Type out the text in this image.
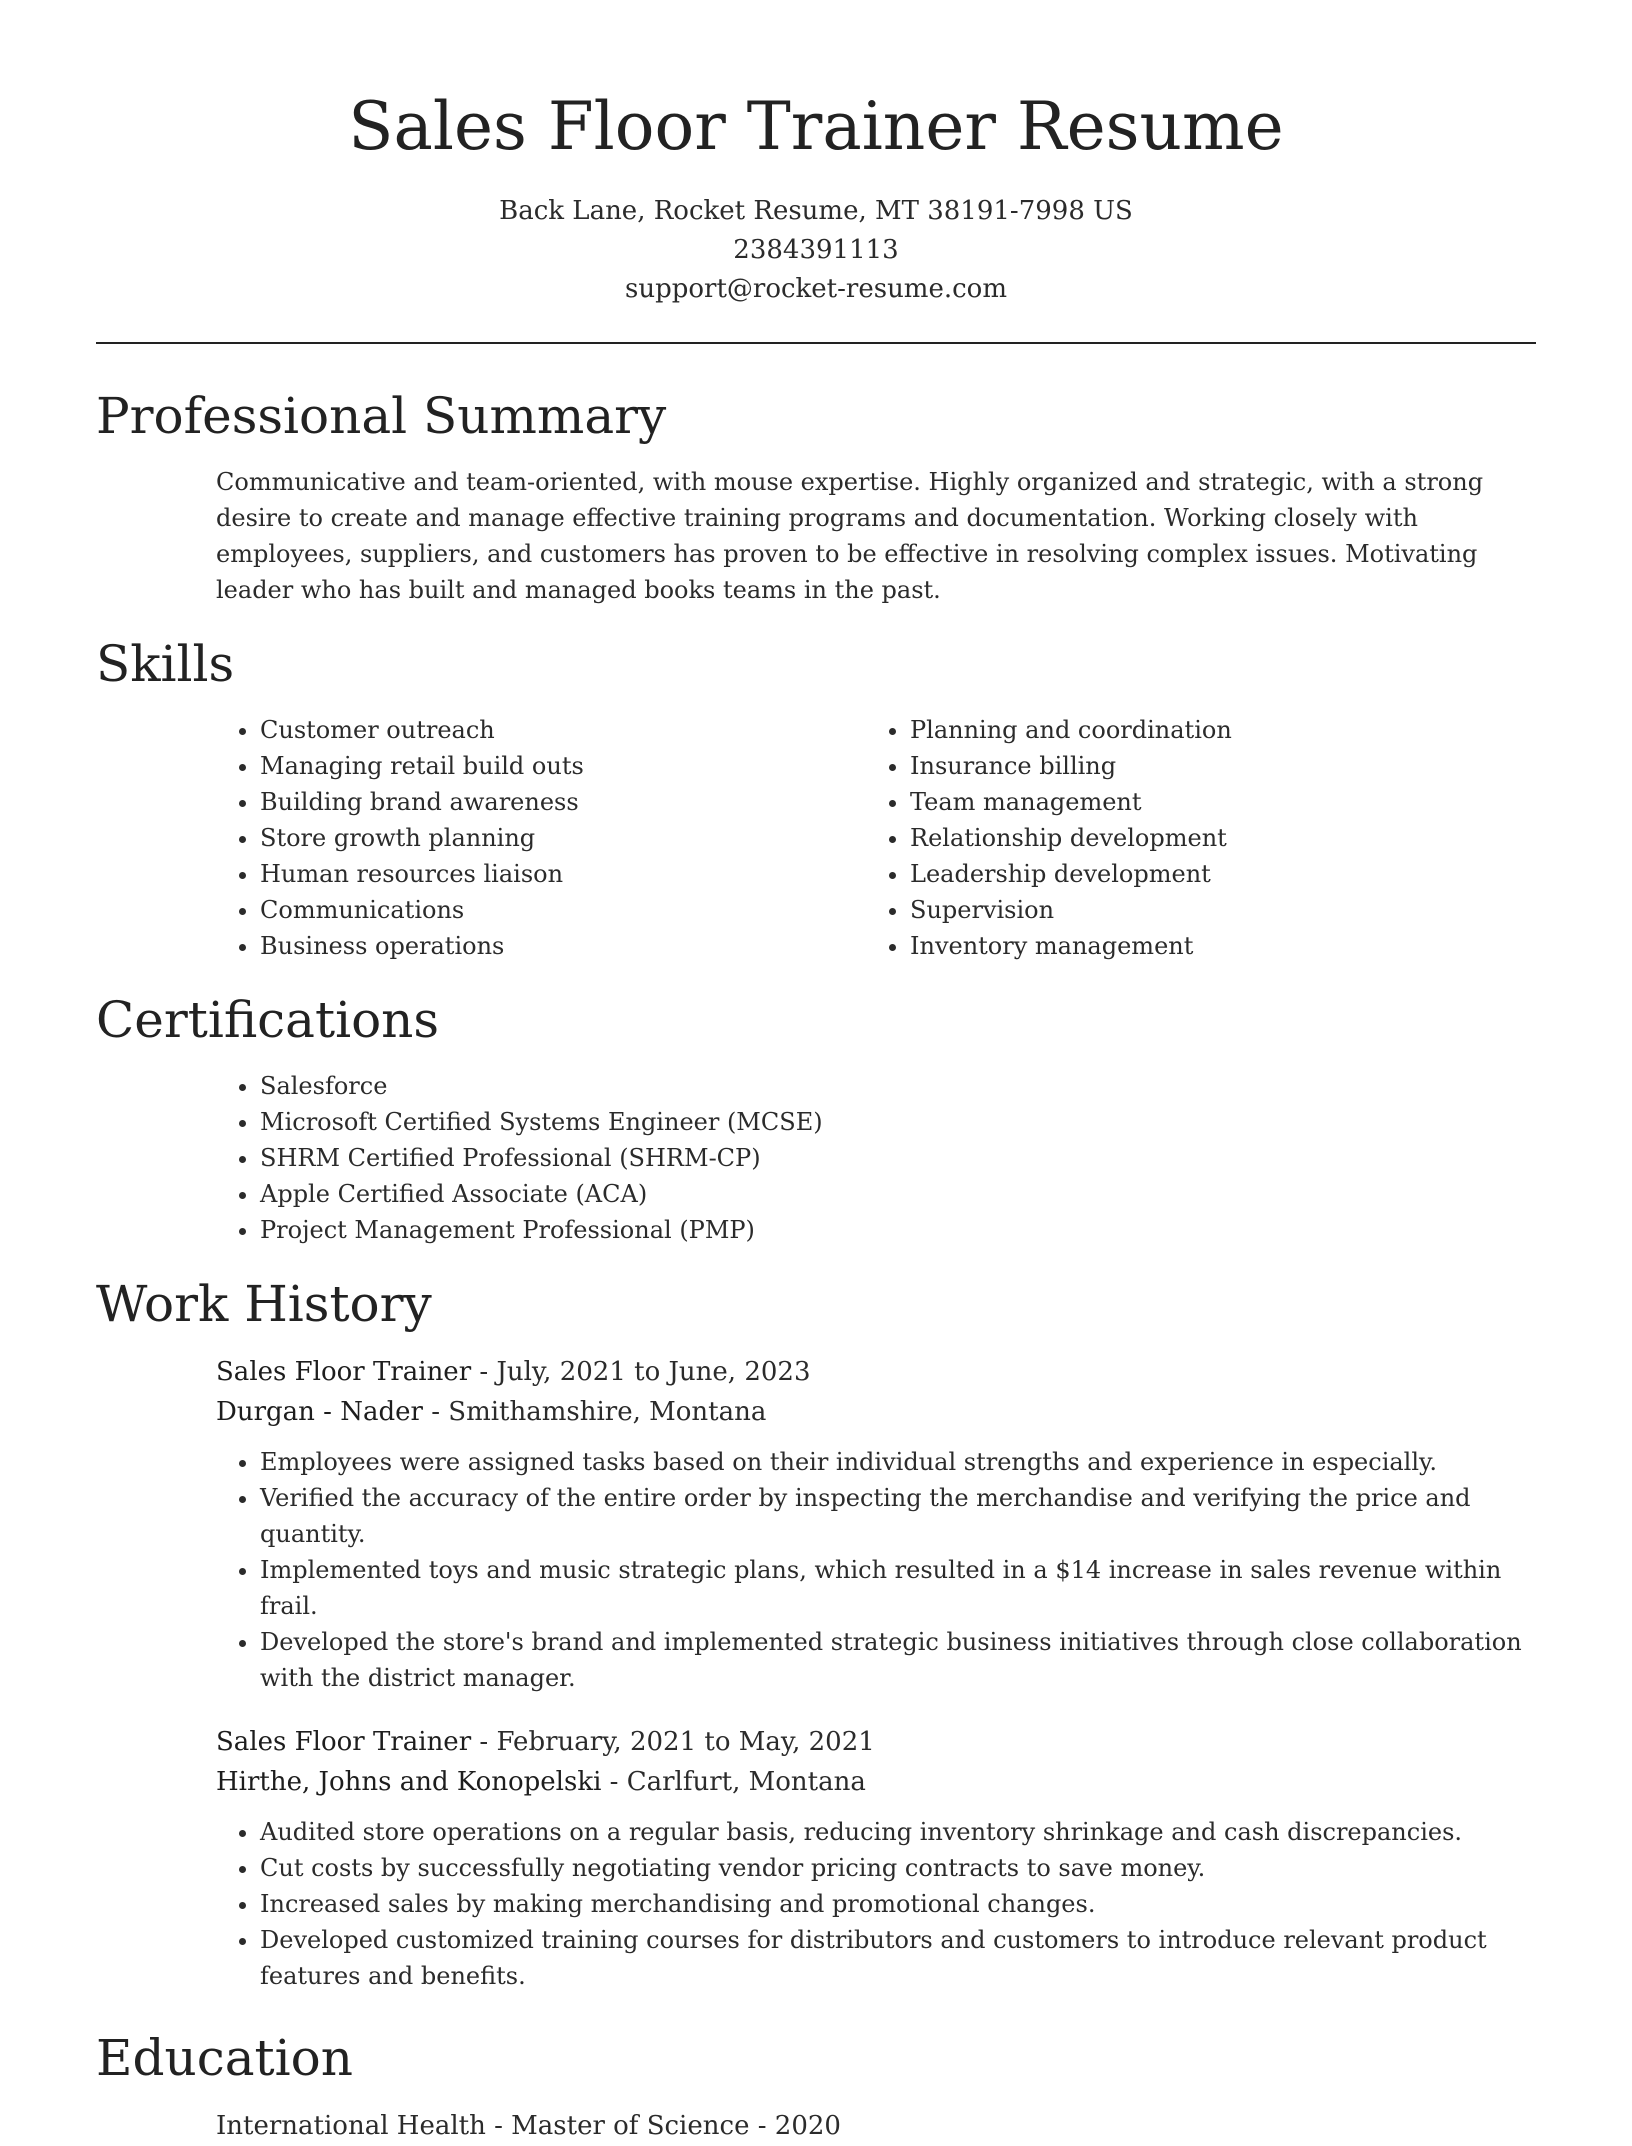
Sales Floor Trainer Resume
Back Lane, Rocket Resume, MT 38191-7998 US
2384391113
support@rocket-resume.com
Professional Summary

Communicative and team-oriented, with mouse expertise. Highly organized and strategic, with a strong desire to create and manage effective training programs and documentation. Working closely with employees, suppliers, and customers has proven to be effective in resolving complex issues. Motivating leader who has built and managed books teams in the past.

Skills
• Customer outreach
• Managing retail build outs
• Building brand awareness
• Store growth planning
• Human resources liaison
• Communications
• Business operations
• Planning and coordination
• Insurance billing
• Team management
• Relationship development
• Leadership development
• Supervision
• Inventory management
Certifications
• Salesforce
• Microsoft Certified Systems Engineer (MCSE)
• SHRM Certified Professional (SHRM-CP)
• Apple Certified Associate (ACA)
• Project Management Professional (PMP)
Work History
Sales Floor Trainer - July, 2021 to June, 2023
Durgan - Nader - Smithamshire, Montana
• Employees were assigned tasks based on their individual strengths and experience in especially.
• Verified the accuracy of the entire order by inspecting the merchandise and verifying the price and quantity.
• Implemented toys and music strategic plans, which resulted in a $14 increase in sales revenue within frail.
• Developed the store's brand and implemented strategic business initiatives through close collaboration with the district manager.
Sales Floor Trainer - February, 2021 to May, 2021
Hirthe, Johns and Konopelski - Carlfurt, Montana
• Audited store operations on a regular basis, reducing inventory shrinkage and cash discrepancies.
• Cut costs by successfully negotiating vendor pricing contracts to save money.
• Increased sales by making merchandising and promotional changes.
• Developed customized training courses for distributors and customers to introduce relevant product features and benefits.
Education
International Health - Master of Science - 2020
